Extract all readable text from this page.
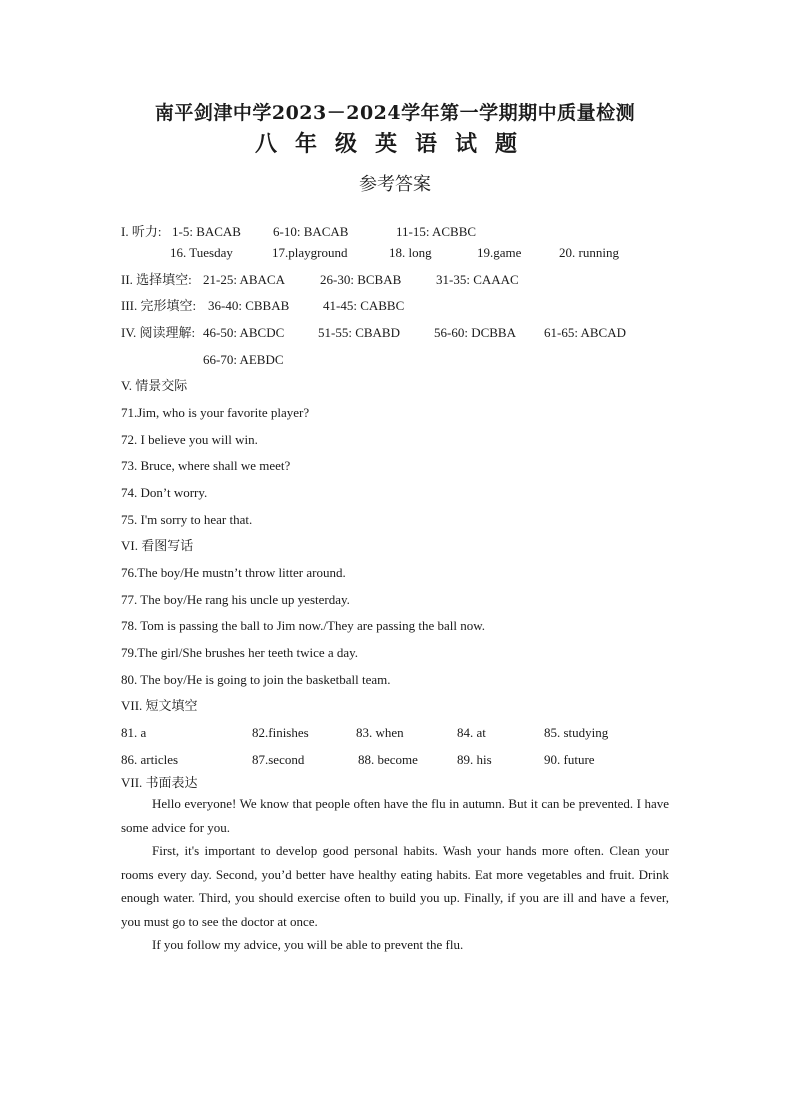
南平剑津中学2023－2024学年第一学期期中质量检测
八年级英语试题
参考答案
I. 听力: 1-5: BACAB 6-10: BACAB	11-15: ACBBC
16. Tuesday	17.playground	18. long	19.game	20. running
II. 选择填空: 21-25: ABACA	26-30: BCBAB	31-35: CAAAC
III. 完形填空: 36-40: CBBAB	41-45: CABBC
IV. 阅读理解: 46-50: ABCDC	51-55: CBABD	56-60: DCBBA 61-65: ABCAD
66-70: AEBDC
V. 情景交际
71.Jim, who is your favorite player?
72. I believe you will win.
73. Bruce, where shall we meet?
74. Don’t worry.
75. I'm sorry to hear that.
VI. 看图写话
76.The boy/He mustn’t throw litter around.
77. The boy/He rang his uncle up yesterday.
78. Tom is passing the ball to Jim now./They are passing the ball now.
79.The girl/She brushes her teeth twice a day.
80. The boy/He is going to join the basketball team.
VII. 短文填空
81. a	82.finishes	83. when	84. at	85. studying
86. articles	87.second	88. become	89. his	90. future
VII. 书面表达

Hello everyone! We know that people often have the flu in autumn. But it can be prevented. I have some advice for you.

First, it's important to develop good personal habits. Wash your hands more often. Clean your rooms every day. Second, you’d better have healthy eating habits. Eat more vegetables and fruit. Drink enough water. Third, you should exercise often to build you up. Finally, if you are ill and have a fever, you must go to see the doctor at once.

If you follow my advice, you will be able to prevent the flu.
